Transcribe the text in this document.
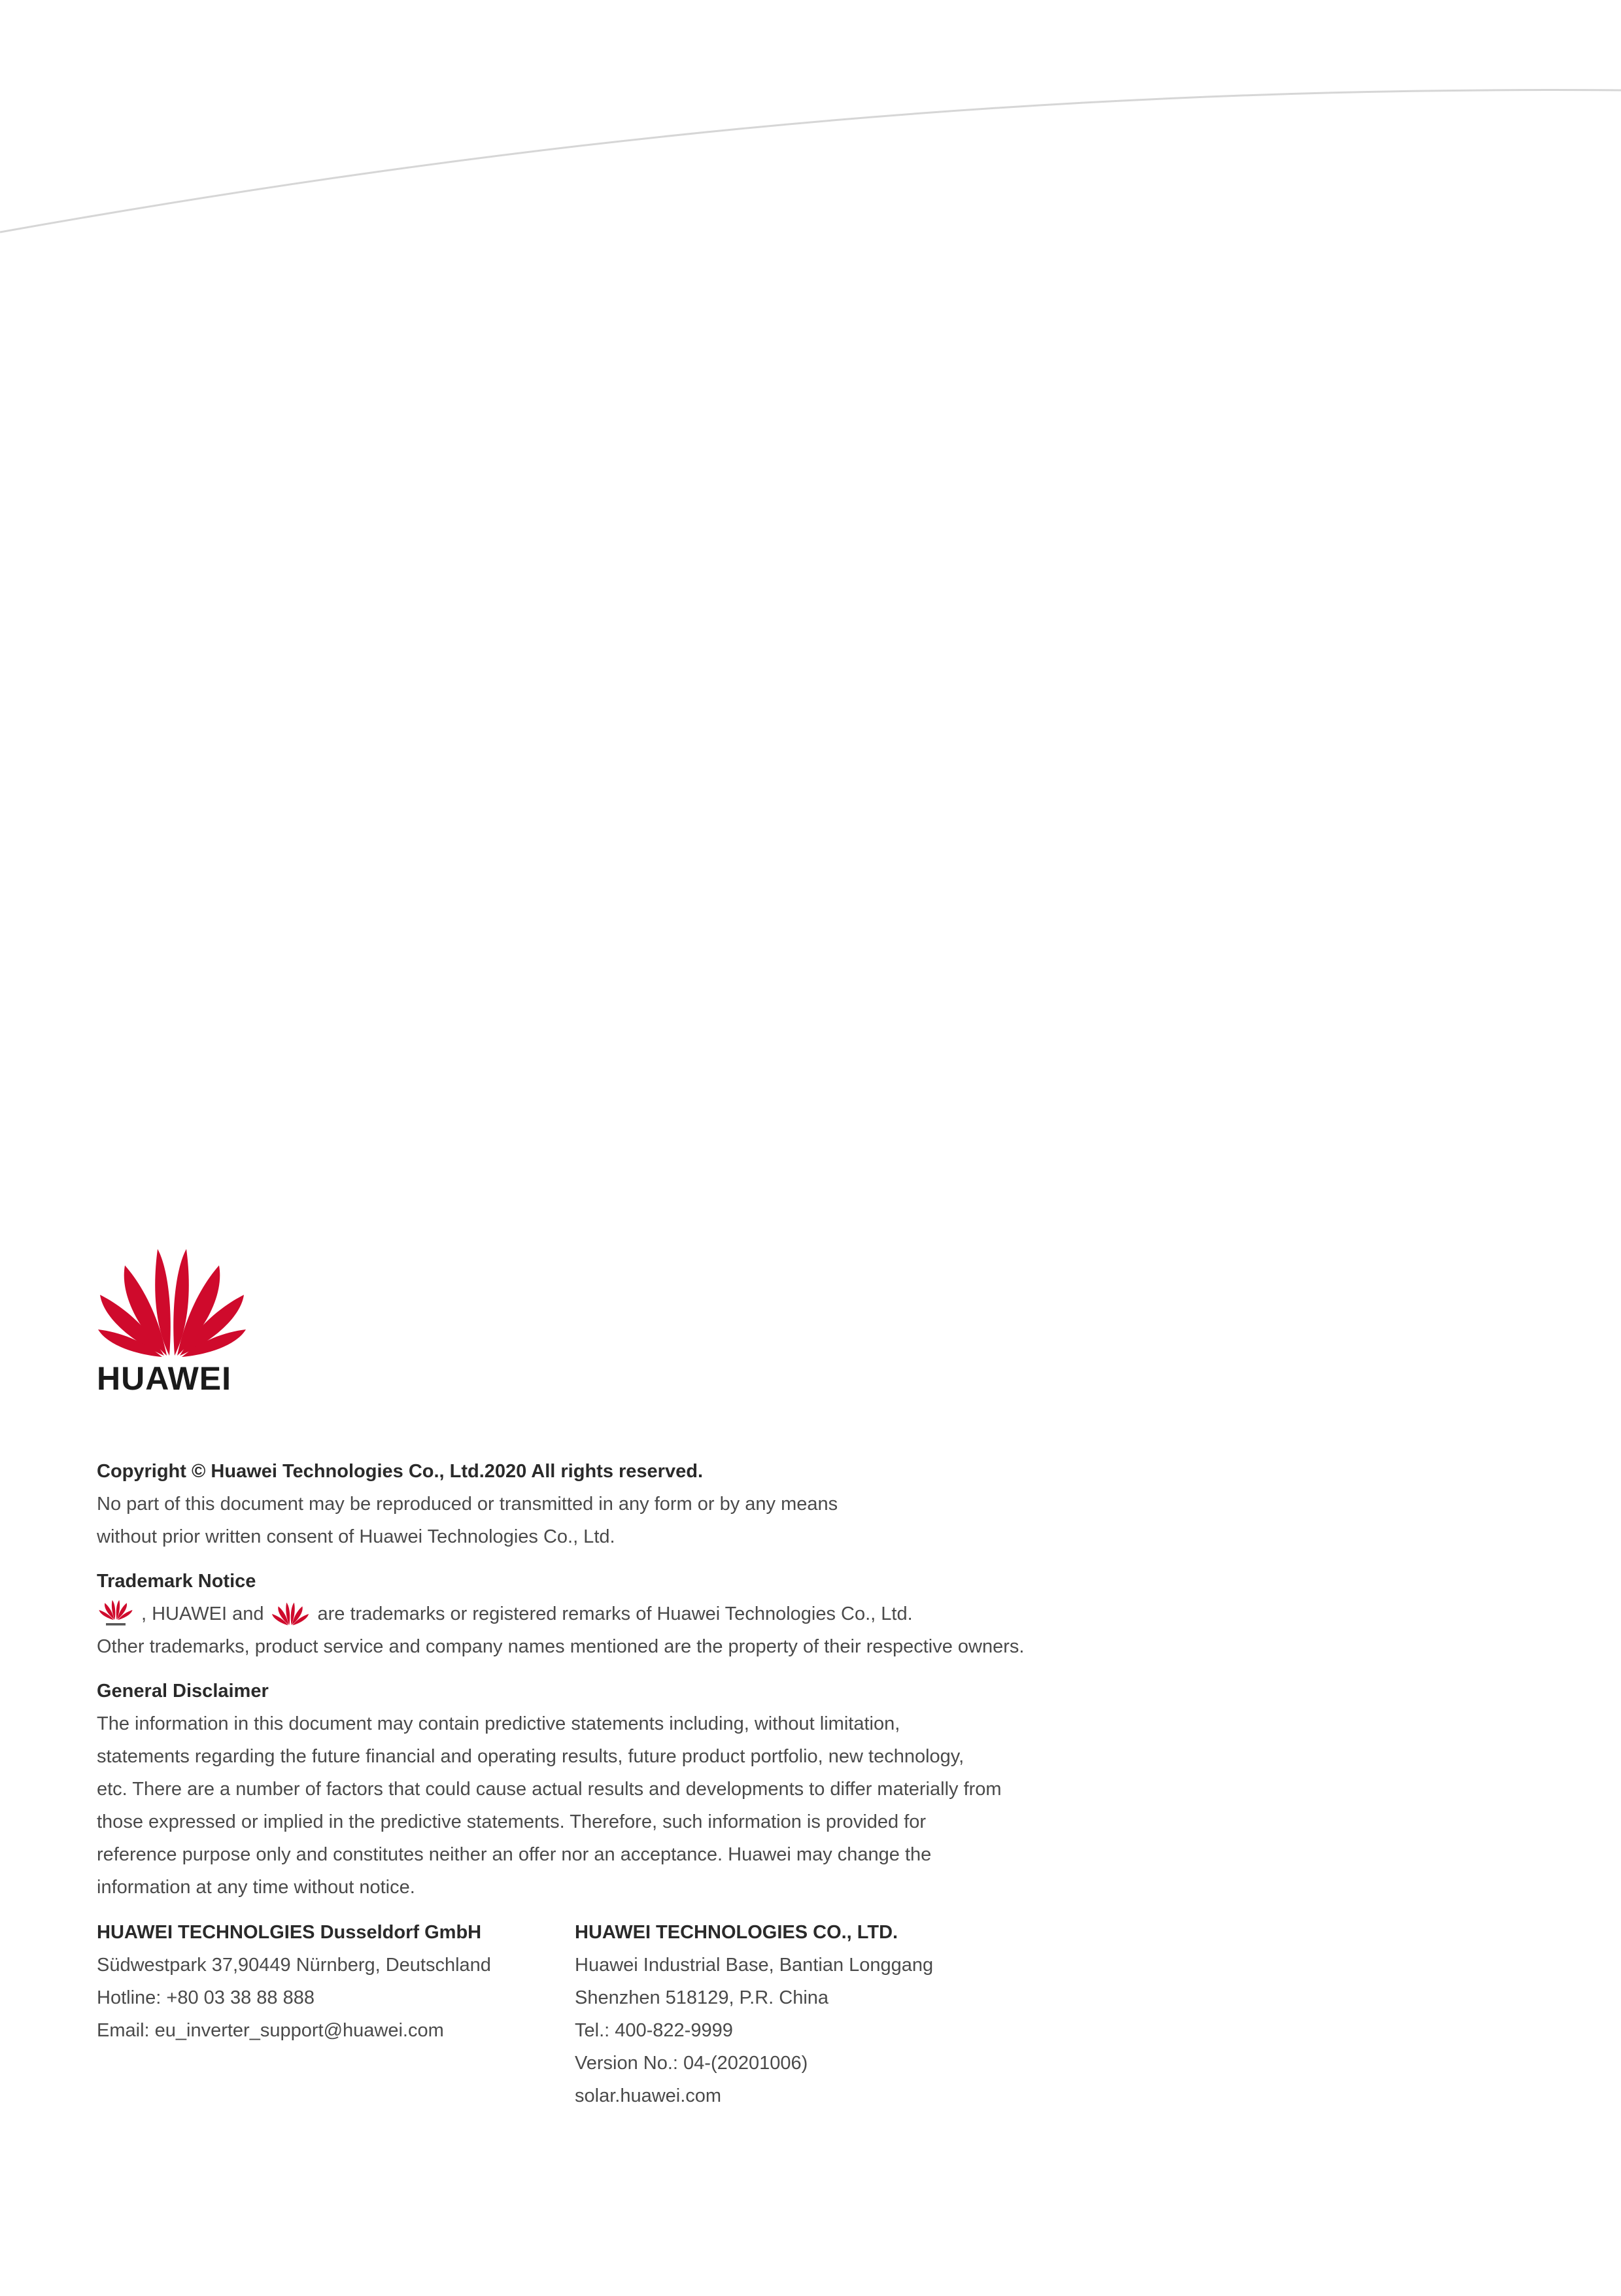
HUAWEI
Copyright © Huawei Technologies Co., Ltd.2020 All rights reserved.
No part of this document may be reproduced or transmitted in any form or by any means
without prior written consent of Huawei Technologies Co., Ltd.
Trademark Notice
, HUAWEI and	are trademarks or registered remarks of Huawei Technologies Co., Ltd.
Other trademarks, product service and company names mentioned are the property of their respective owners.
General Disclaimer
The information in this document may contain predictive statements including, without limitation,
statements regarding the future financial and operating results, future product portfolio, new technology,
etc. There are a number of factors that could cause actual results and developments to differ materially from
those expressed or implied in the predictive statements. Therefore, such information is provided for
reference purpose only and constitutes neither an offer nor an acceptance. Huawei may change the
information at any time without notice.
HUAWEI TECHNOLGIES Dusseldorf GmbH
Südwestpark 37,90449 Nürnberg, Deutschland
Hotline: +80 03 38 88 888
Email: eu_inverter_support@huawei.com
HUAWEI TECHNOLOGIES CO., LTD.
Huawei Industrial Base, Bantian Longgang
Shenzhen 518129, P.R. China
Tel.: 400-822-9999
Version No.: 04-(20201006)
solar.huawei.com
